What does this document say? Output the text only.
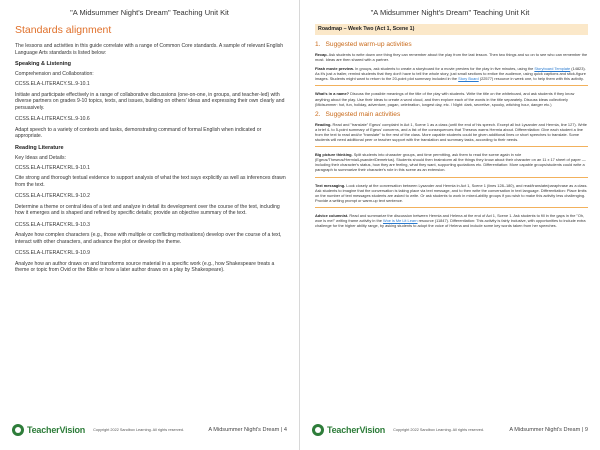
"A Midsummer Night's Dream" Teaching Unit Kit
Standards alignment
The lessons and activities in this guide correlate with a range of Common Core standards. A sample of relevant English Language Arts standards is listed below:
Speaking & Listening
Comprehension and Collaboration:
CCSS.ELA-LITERACY.SL.9-10.1
Initiate and participate effectively in a range of collaborative discussions (one-on-one, in groups, and teacher-led) with diverse partners on grades 9-10 topics, texts, and issues, building on others' ideas and expressing their own clearly and persuasively.
CCSS.ELA-LITERACY.SL.9-10.6
Adapt speech to a variety of contexts and tasks, demonstrating command of formal English when indicated or appropriate.
Reading Literature
Key Ideas and Details:
CCSS.ELA-LITERACY.RL.9-10.1
Cite strong and thorough textual evidence to support analysis of what the text says explicitly as well as inferences drawn from the text.
CCSS.ELA-LITERACY.RL.9-10.2
Determine a theme or central idea of a text and analyze in detail its development over the course of the text, including how it emerges and is shaped and refined by specific details; provide an objective summary of the text.
CCSS.ELA-LITERACY.RL.9-10.3
Analyze how complex characters (e.g., those with multiple or conflicting motivations) develop over the course of a text, interact with other characters, and advance the plot or develop the theme.
CCSS.ELA-LITERACY.RL.9-10.9
Analyze how an author draws on and transforms source material in a specific work (e.g., how Shakespeare treats a theme or topic from Ovid or the Bible or how a later author draws on a play by Shakespeare).
TeacherVision Copyright 2022 Sandbox Learning. All rights reserved.	A Midsummer Night's Dream | 4
"A Midsummer Night's Dream" Teaching Unit Kit
Roadmap – Week Two (Act 1, Scene 1)
1. Suggested warm-up activities
Recap. Ask students to write down one thing they can remember about the play from the last lesson. Then two things and so on to see who can remember the most. Ideas are then shared with a partner.
Flash movie preview. In groups, ask students to create a storyboard for a movie preview for the play in five minutes, using the Storyboard Template (14823). As it's just a trailer, remind students that they don't have to tell the whole story, just small sections to entice the audience, using quick captions and stick-figure images. Students might want to return to the 20-point plot summary included in the Story Board (22577) resource in week one, to help them with this activity.
What's in a name? Discuss the possible meanings of the title of the play with students. Write the title on the whiteboard, and ask students if they know anything about the play. Use their ideas to create a word cloud, and then explore each of the words in the title separately. Discuss ideas collectively (Midsummer: hot, fun, holiday, adventure, pagan, celebration, longest day, etc. / Night: dark, secretive, spooky, witching hour, danger etc.)
2. Suggested main activities
Reading. Read and "translate" Egeus' complaint in Act 1, Scene 1 as a class (until the end of his speech. Except all but Lysander and Hermia, line 127). Write a brief 4- to 5-point summary of Egeus' concerns, and a list of the consequences that Theseus warns Hermia about. Differentiation: Give each student a line from the text to read and/or "translate" to the rest of the class. More capable students could be given additional lines or short speeches to translate. Some students will need additional peer or teacher support with the translation and summary tasks, according to their needs.
Big picture thinking. Split students into character groups, and time permitting, ask them to read the scene again in role (Egeus/Theseus/Hermia/Lysander/Demetrius). Students should then brainstorm all the things they know about their character on an 11 x 17 sheet of paper — including their character's status, how they are feeling, what they want, supporting quotations etc. Differentiation: More capable groups/students could write a paragraph to summarize their character's role in this scene as an extension.
Text messaging. Look closely at the conversation between Lysander and Hermia in Act 1, Scene 1 (lines 128–180), and read/translate/paraphrase as a class. Ask students to imagine that the conversation is taking place via text message, and to then write the conversation in text language. Differentiation: Place limits on the number of text messages students are asked to write. Or ask students to work in mixed-ability groups if you wish to make this activity less challenging. Provide a writing prompt or warm-up text sentence.
Advice columnist. Read and summarize the discussion between Hermia and Helena at the end of Act 1, Scene 1. Ask students to fill in the gaps in the "Oh, woe is me!" writing frame activity in the Woe is Me Lit Learn resource (11847). Differentiation: This activity is fairly inclusive, with opportunities to include extra challenge for the higher ability range, by asking students to adopt the voice of Helena and include some key words taken from her speeches.
TeacherVision Copyright 2022 Sandbox Learning. All rights reserved.	A Midsummer Night's Dream | 9
